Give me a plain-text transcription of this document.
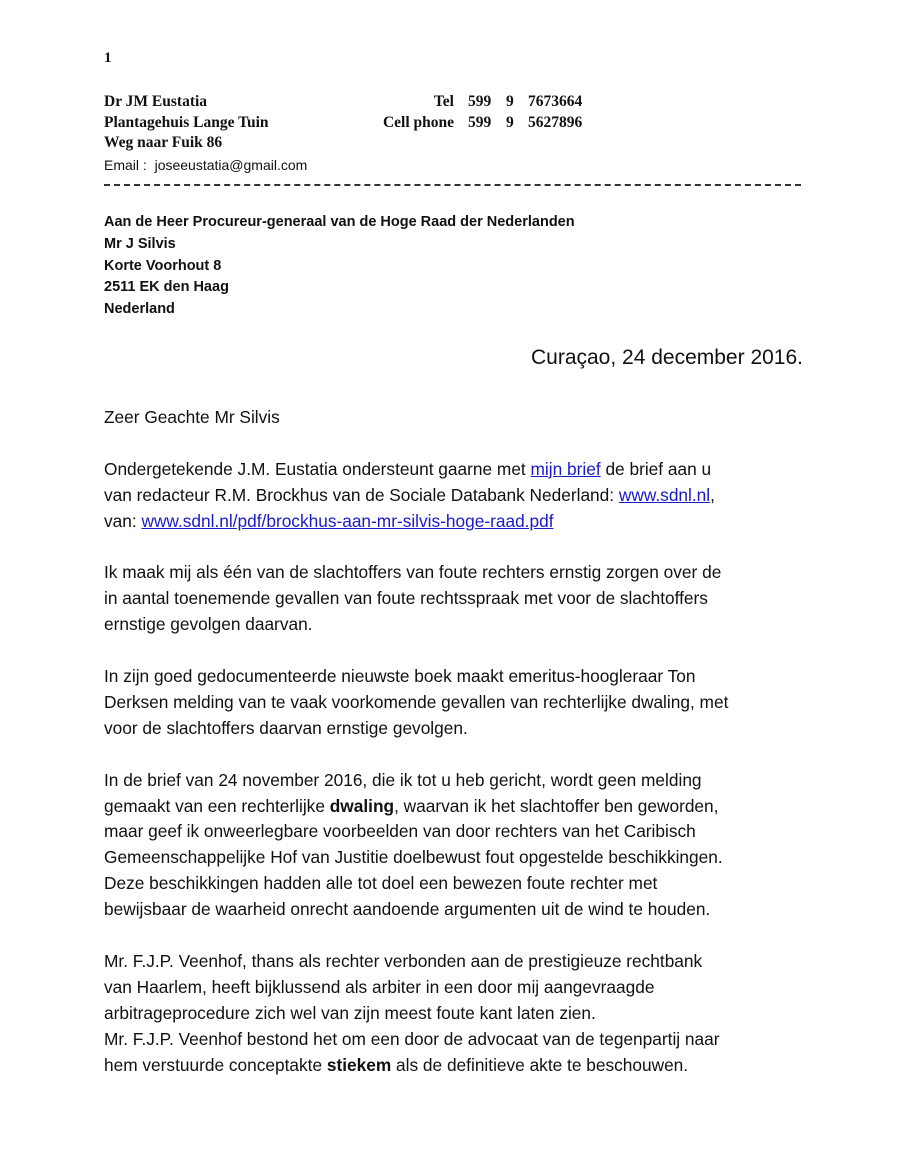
1
Dr JM Eustatia
Plantagehuis Lange Tuin
Weg naar Fuik 86
Email : joseeustatia@gmail.com
Tel 599 9 7673664
Cell phone 599 9 5627896
Aan de Heer Procureur-generaal van de Hoge Raad der Nederlanden
Mr J Silvis
Korte Voorhout 8
2511 EK den Haag
Nederland
Curaçao, 24 december 2016.

Zeer Geachte Mr Silvis

Ondergetekende J.M. Eustatia ondersteunt gaarne met mijn brief de brief aan u
van redacteur R.M. Brockhus van de Sociale Databank Nederland: www.sdnl.nl,
van: www.sdnl.nl/pdf/brockhus-aan-mr-silvis-hoge-raad.pdf

Ik maak mij als één van de slachtoffers van foute rechters ernstig zorgen over de
in aantal toenemende gevallen van foute rechtsspraak met voor de slachtoffers
ernstige gevolgen daarvan.

In zijn goed gedocumenteerde nieuwste boek maakt emeritus-hoogleraar Ton
Derksen melding van te vaak voorkomende gevallen van rechterlijke dwaling, met
voor de slachtoffers daarvan ernstige gevolgen.

In de brief van 24 november 2016, die ik tot u heb gericht, wordt geen melding
gemaakt van een rechterlijke dwaling, waarvan ik het slachtoffer ben geworden,
maar geef ik onweerlegbare voorbeelden van door rechters van het Caribisch
Gemeenschappelijke Hof van Justitie doelbewust fout opgestelde beschikkingen.
Deze beschikkingen hadden alle tot doel een bewezen foute rechter met
bewijsbaar de waarheid onrecht aandoende argumenten uit de wind te houden.

Mr. F.J.P. Veenhof, thans als rechter verbonden aan de prestigieuze rechtbank
van Haarlem, heeft bijklussend als arbiter in een door mij aangevraagde
arbitrageprocedure zich wel van zijn meest foute kant laten zien.
Mr. F.J.P. Veenhof bestond het om een door de advocaat van de tegenpartij naar
hem verstuurde conceptakte stiekem als de definitieve akte te beschouwen.
